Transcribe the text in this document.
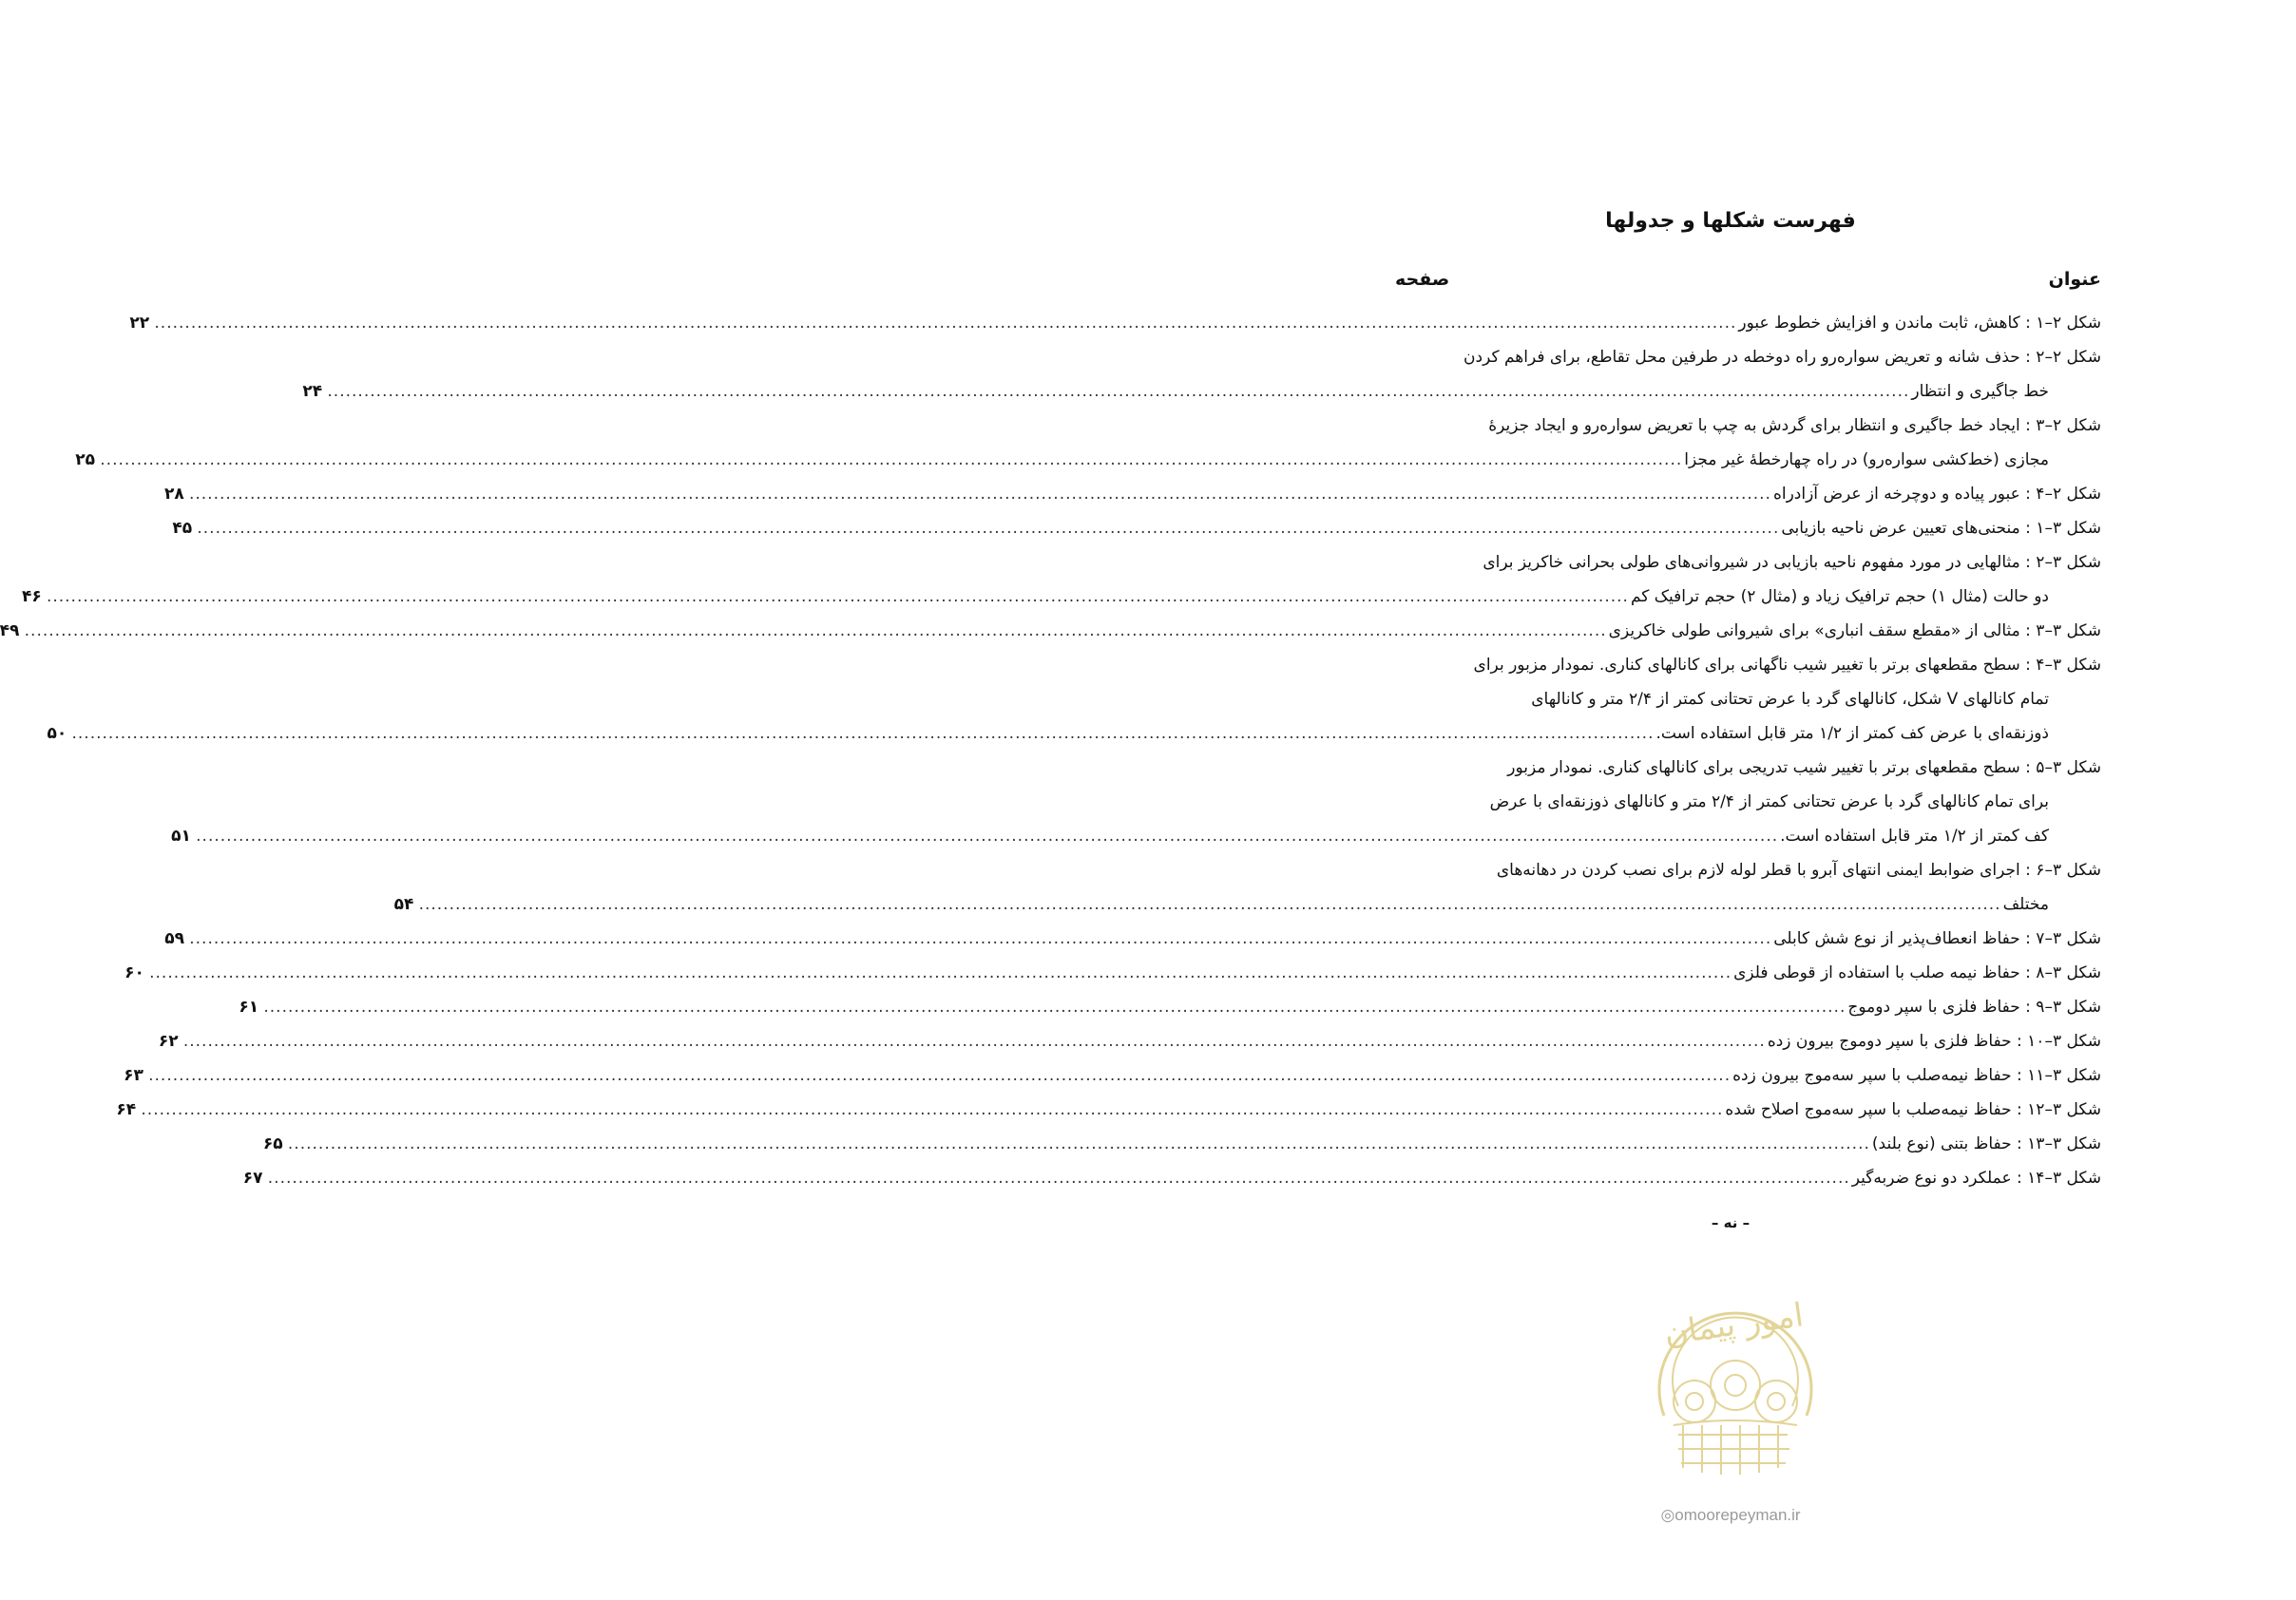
فهرست شکلها و جدولها
عنوان
صفحه
شکل ۲–۱ : کاهش، ثابت ماندن و افزایش خطوط عبور
....................................................................................................................................................................................................................................................................
۲۲
شکل ۲–۲ : حذف شانه و تعریض سواره‌رو راه دوخطه در طرفین محل تقاطع، برای فراهم کردن
خط جاگیری و انتظار
....................................................................................................................................................................................................................................................................
۲۴
شکل ۲–۳ : ایجاد خط جاگیری و انتظار برای گردش به چپ با تعریض سواره‌رو و ایجاد جزیرۀ
مجازی (خط‌کشی سواره‌رو) در راه چهارخطۀ غیر مجزا
....................................................................................................................................................................................................................................................................
۲۵
شکل ۲–۴ : عبور پیاده و دوچرخه از عرض آزادراه
....................................................................................................................................................................................................................................................................
۲۸
شکل ۳–۱ : منحنی‌های تعیین عرض ناحیه بازیابی
....................................................................................................................................................................................................................................................................
۴۵
شکل ۳–۲ : مثالهایی در مورد مفهوم ناحیه بازیابی در شیروانی‌های طولی بحرانی خاکریز برای
دو حالت (مثال ۱) حجم ترافیک زیاد و (مثال ۲) حجم ترافیک کم
....................................................................................................................................................................................................................................................................
۴۶
شکل ۳–۳ : مثالی از «مقطع سقف انباری» برای شیروانی طولی خاکریزی
....................................................................................................................................................................................................................................................................
۴۹
شکل ۳–۴ : سطح مقطعهای برتر با تغییر شیب ناگهانی برای کانالهای کناری. نمودار مزبور برای
تمام کانالهای V شکل، کانالهای گرد با عرض تحتانی کمتر از ۲/۴ متر و کانالهای
ذوزنقه‌ای با عرض کف کمتر از ۱/۲ متر قابل استفاده است.
....................................................................................................................................................................................................................................................................
۵۰
شکل ۳–۵ : سطح مقطعهای برتر با تغییر شیب تدریجی برای کانالهای کناری. نمودار مزبور
برای تمام کانالهای گرد با عرض تحتانی کمتر از ۲/۴ متر و کانالهای ذوزنقه‌ای با عرض
کف کمتر از ۱/۲ متر قابل استفاده است.
....................................................................................................................................................................................................................................................................
۵۱
شکل ۳–۶ : اجرای ضوابط ایمنی انتهای آبرو با قطر لوله لازم برای نصب کردن در دهانه‌های
مختلف
....................................................................................................................................................................................................................................................................
۵۴
شکل ۳–۷ : حفاظ انعطاف‌پذیر از نوع شش کابلی
....................................................................................................................................................................................................................................................................
۵۹
شکل ۳–۸ : حفاظ نیمه صلب با استفاده از قوطی فلزی
....................................................................................................................................................................................................................................................................
۶۰
شکل ۳–۹ : حفاظ فلزی با سپر دوموج
....................................................................................................................................................................................................................................................................
۶۱
شکل ۳–۱۰ : حفاظ فلزی با سپر دوموج بیرون زده
....................................................................................................................................................................................................................................................................
۶۲
شکل ۳–۱۱ : حفاظ نیمه‌صلب با سپر سه‌موج بیرون زده
....................................................................................................................................................................................................................................................................
۶۳
شکل ۳–۱۲ : حفاظ نیمه‌صلب با سپر سه‌موج اصلاح شده
....................................................................................................................................................................................................................................................................
۶۴
شکل ۳–۱۳ : حفاظ بتنی (نوع بلند)
....................................................................................................................................................................................................................................................................
۶۵
شکل ۳–۱۴ : عملکرد دو نوع ضربه‌گیر
....................................................................................................................................................................................................................................................................
۶۷
– نه –
امور پیمان
◎omoorepeyman.ir
